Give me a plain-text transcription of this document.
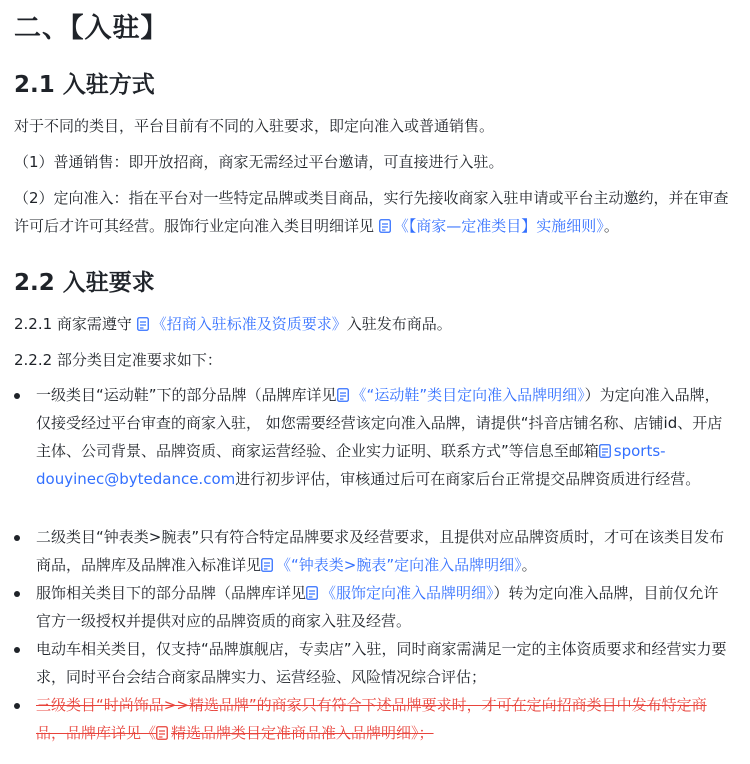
二、【入驻】
2.1 入驻方式
对于不同的类目，平台目前有不同的入驻要求，即定向准入或普通销售。
（1）普通销售：即开放招商，商家无需经过平台邀请，可直接进行入驻。
（2）定向准入：指在平台对一些特定品牌或类目商品，实行先接收商家入驻申请或平台主动邀约，并在审查许可后才许可其经营。服饰行业定向准入类目明细详见 《【商家—定准类目】实施细则》。
2.2 入驻要求
2.2.1 商家需遵守 《招商入驻标准及资质要求》入驻发布商品。
2.2.2 部分类目定准要求如下：
一级类目“运动鞋”下的部分品牌（品牌库详见 《“运动鞋”类目定向准入品牌明细》）为定向准入品牌，仅接受经过平台审查的商家入驻， 如您需要经营该定向准入品牌，请提供“抖音店铺名称、店铺id、开店主体、公司背景、品牌资质、商家运营经验、企业实力证明、联系方式”等信息至邮箱 sports-douyinec@bytedance.com进行初步评估，审核通过后可在商家后台正常提交品牌资质进行经营。
二级类目“钟表类>腕表”只有符合特定品牌要求及经营要求，且提供对应品牌资质时，才可在该类目发布商品，品牌库及品牌准入标准详见 《“钟表类>腕表”定向准入品牌明细》。
服饰相关类目下的部分品牌（品牌库详见 《服饰定向准入品牌明细》）转为定向准入品牌，目前仅允许官方一级授权并提供对应的品牌资质的商家入驻及经营。
电动车相关类目，仅支持“品牌旗舰店，专卖店”入驻，同时商家需满足一定的主体资质要求和经营实力要求，同时平台会结合商家品牌实力、运营经验、风险情况综合评估；
三级类目“时尚饰品>>精选品牌”的商家只有符合下述品牌要求时，才可在定向招商类目中发布特定商品，品牌库详见《 精选品牌类目定准商品准入品牌明细》；
